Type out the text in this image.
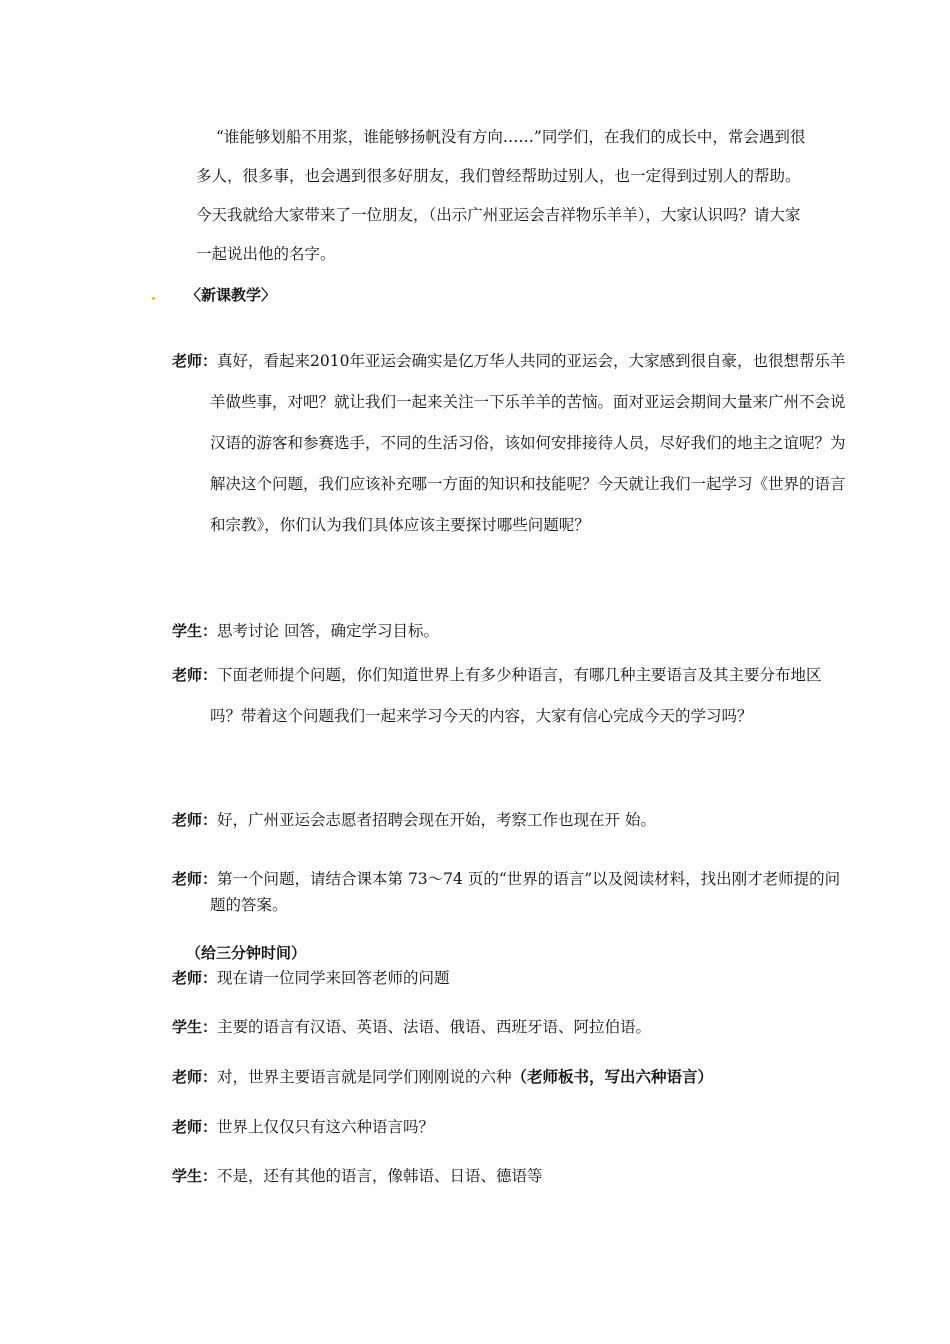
“谁能够划船不用浆，谁能够扬帆没有方向……”同学们，在我们的成长中，常会遇到很多人，很多事，也会遇到很多好朋友，我们曾经帮助过别人，也一定得到过别人的帮助。今天我就给大家带来了一位朋友，（出示广州亚运会吉祥物乐羊羊），大家认识吗？请大家一起说出他的名字。
〈新课教学〉
老师：真好，看起来2010年亚运会确实是亿万华人共同的亚运会，大家感到很自豪，也很想帮乐羊羊做些事，对吧？就让我们一起来关注一下乐羊羊的苦恼。面对亚运会期间大量来广州不会说汉语的游客和参赛选手，不同的生活习俗，该如何安排接待人员，尽好我们的地主之谊呢？为解决这个问题，我们应该补充哪一方面的知识和技能呢？今天就让我们一起学习《世界的语言和宗教》，你们认为我们具体应该主要探讨哪些问题呢？
学生：思考讨论 回答，确定学习目标。
老师：下面老师提个问题，你们知道世界上有多少种语言，有哪几种主要语言及其主要分布地区吗？带着这个问题我们一起来学习今天的内容，大家有信心完成今天的学习吗？
老师：好，广州亚运会志愿者招聘会现在开始，考察工作也现在开 始。
老师：第一个问题，请结合课本第 73～74 页的“世界的语言”以及阅读材料，找出刚才老师提的问题的答案。
（给三分钟时间）
老师：现在请一位同学来回答老师的问题
学生：主要的语言有汉语、英语、法语、俄语、西班牙语、阿拉伯语。
老师：对，世界主要语言就是同学们刚刚说的六种（老师板书，写出六种语言）
老师：世界上仅仅只有这六种语言吗？
学生：不是，还有其他的语言，像韩语、日语、德语等
